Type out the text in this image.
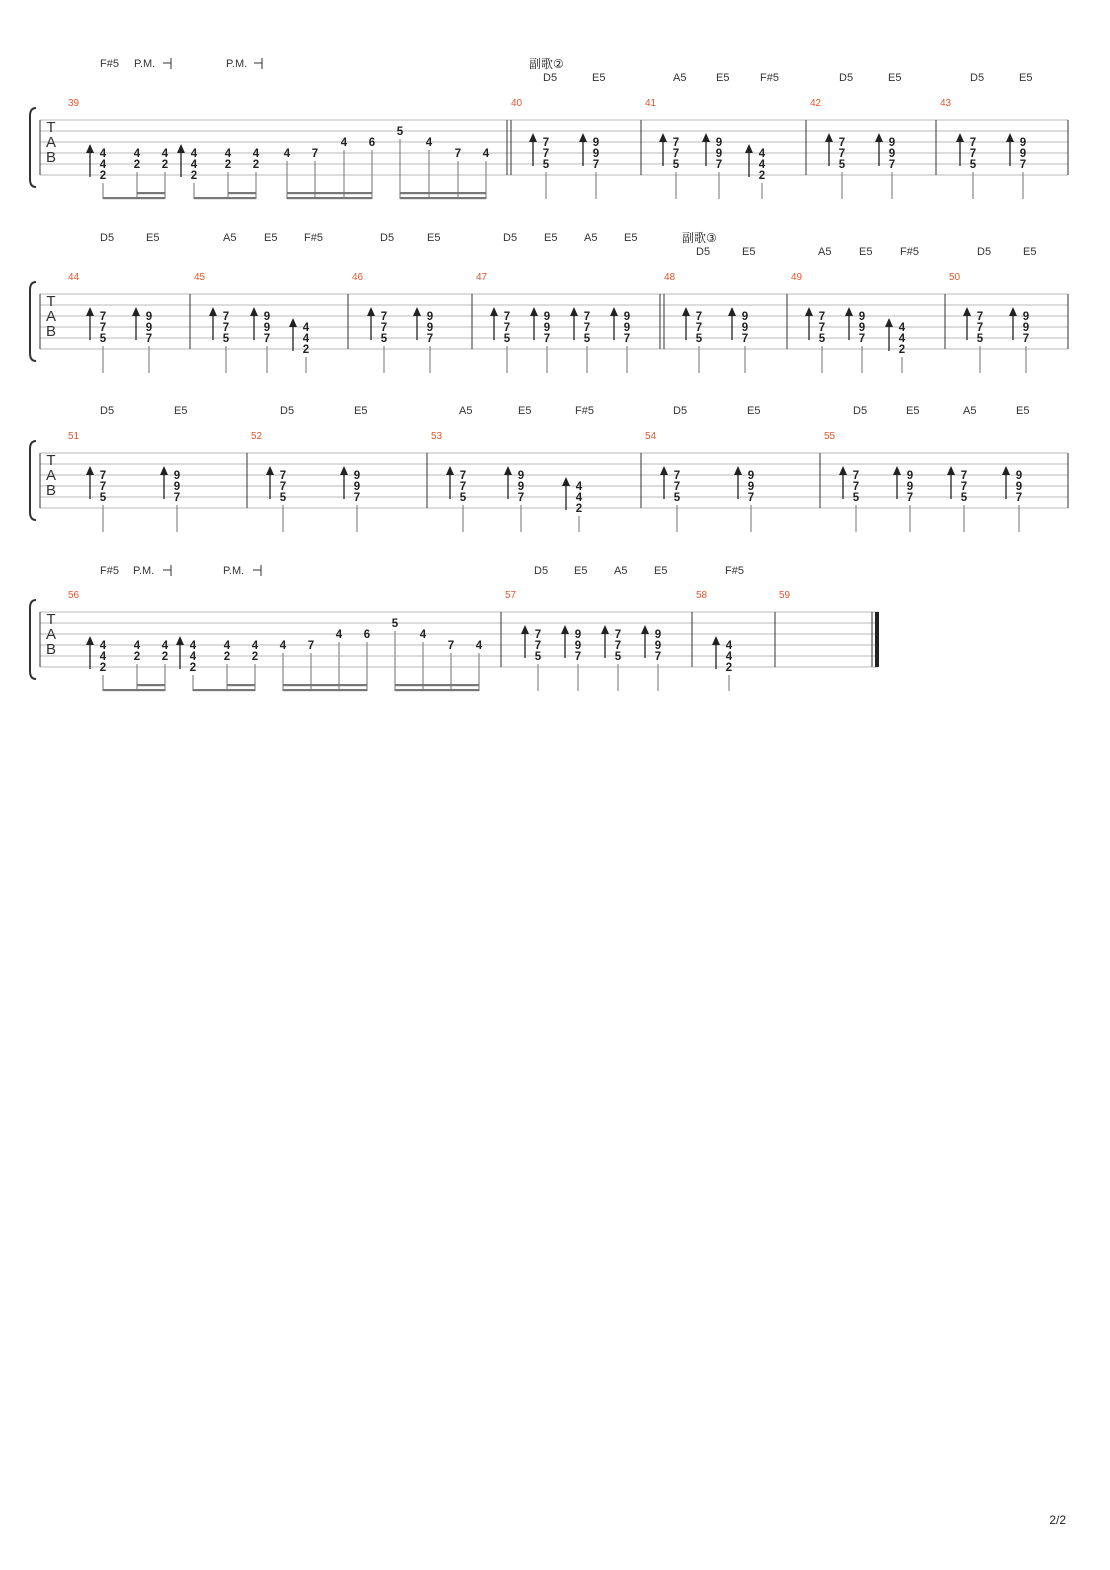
T
A
B
39	40	41	42	43
F#5
D5	E5	A5	E5	F#5	D5	E5	D5	E5
副歌②
P.M.	P.M.
4
4
2
4
2
4
2
4
4
2
4
2
4
2
4 7
4 6
5
4
7 4
7
7
5
9
9
7
7
7
5
9
9
7
4
4
2
7
7
5
9
9
7
7
7
5
9
9
7
T
A
B
44	45	46	47	48	49	50
D5	E5	A5	E5 F#5	D5	E5	D5 E5 A5 E5
D5	E5	A5	E5	F#5	D5	E5
副歌③
7
7
5
9
9
7
7
7
5
9
9
7
4
4
2
7
7
5
9
9
7
7
7
5
9
9
7
7
7
5
9
9
7
7
7
5
9
9
7
7
7
5
9
9
7
4
4
2
7
7
5
9
9
7
T
A
B
51	52	53	54	55
D5	E5	D5	E5	A5	E5	F#5	D5	E5	D5	E5	A5	E5
7
7
5
9
9
7
7
7
5
9
9
7
7
7
5
9
9
7
4
4
2
7
7
5
9
9
7
7
7
5
9
9
7
7
7
5
9
9
7
T
A
B
56	57	58	59
F#5	D5 E5 A5 E5	F#5
P.M.	P.M.
4
4
2
4
2
4
2
4
4
2
4
2
4
2
4 7
4 6
5
4
7 4
7
7
5
9
9
7
7
7
5
9
9
7
4
4
2
2/2
